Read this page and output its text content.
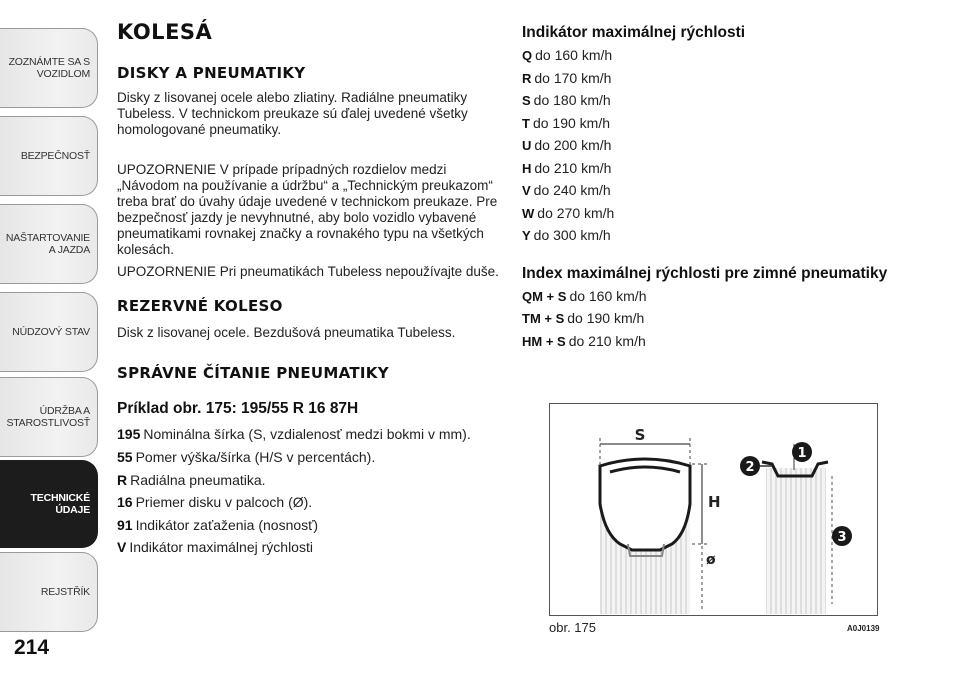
ZOZNÁMTE SA S VOZIDLOM
BEZPEČNOSŤ
NAŠTARTOVANIE A JAZDA
NÚDZOVÝ STAV
ÚDRŽBA A STAROSTLIVOSŤ
TECHNICKÉ ÚDAJE
REJSTŘÍK
214
KOLESÁ
DISKY A PNEUMATIKY
Disky z lisovanej ocele alebo zliatiny. Radiálne pneumatiky Tubeless. V technickom preukaze sú ďalej uvedené všetky homologované pneumatiky.
UPOZORNENIE V prípade prípadných rozdielov medzi „Návodom na používanie a údržbu“ a „Technickým preukazom“ treba brať do úvahy údaje uvedené v technickom preukaze. Pre bezpečnosť jazdy je nevyhnutné, aby bolo vozidlo vybavené pneumatikami rovnakej značky a rovnakého typu na všetkých kolesách.
UPOZORNENIE Pri pneumatikách Tubeless nepoužívajte duše.
REZERVNÉ KOLESO
Disk z lisovanej ocele. Bezdušová pneumatika Tubeless.
SPRÁVNE ČÍTANIE PNEUMATIKY
Príklad obr. 175: 195/55 R 16 87H
195 Nominálna šírka (S, vzdialenosť medzi bokmi v mm).
55 Pomer výška/šírka (H/S v percentách).
R Radiálna pneumatika.
16 Priemer disku v palcoch (Ø).
91 Indikátor zaťaženia (nosnosť)
V Indikátor maximálnej rýchlosti
Indikátor maximálnej rýchlosti
Q do 160 km/h
R do 170 km/h
S do 180 km/h
T do 190 km/h
U do 200 km/h
H do 210 km/h
V do 240 km/h
W do 270 km/h
Y do 300 km/h
Index maximálnej rýchlosti pre zimné pneumatiky
QM + S do 160 km/h
TM + S do 190 km/h
HM + S do 210 km/h
S
H
ø
1
2
3
obr. 175	A0J0139
